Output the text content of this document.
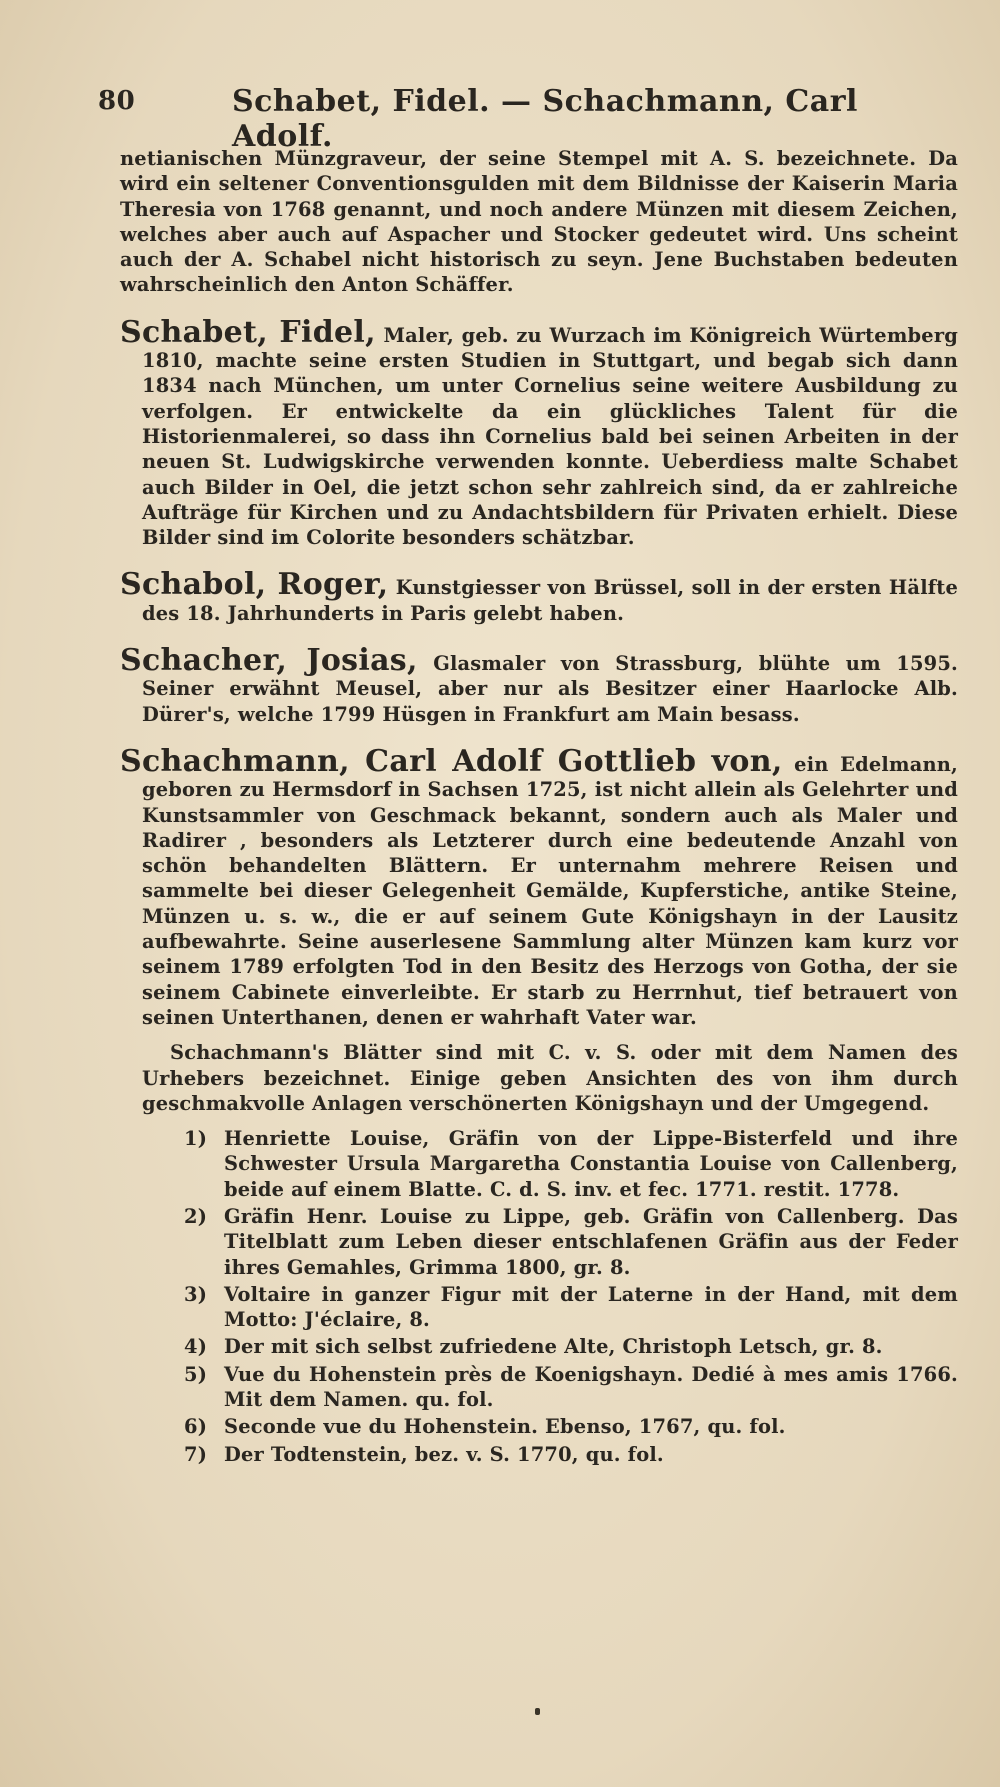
80	Schabet, Fidel. — Schachmann, Carl Adolf.

netianischen Münzgraveur, der seine Stempel mit A. S. bezeichnete. Da wird ein seltener Conventionsgulden mit dem Bildnisse der Kaiserin Maria Theresia von 1768 genannt, und noch andere Münzen mit diesem Zeichen, welches aber auch auf Aspacher und Stocker gedeutet wird. Uns scheint auch der A. Schabel nicht historisch zu seyn. Jene Buchstaben bedeuten wahrscheinlich den Anton Schäffer.

Schabet, Fidel, Maler, geb. zu Wurzach im Königreich Würtemberg 1810, machte seine ersten Studien in Stuttgart, und begab sich dann 1834 nach München, um unter Cornelius seine weitere Ausbildung zu verfolgen. Er entwickelte da ein glückliches Talent für die Historienmalerei, so dass ihn Cornelius bald bei seinen Arbeiten in der neuen St. Ludwigskirche verwenden konnte. Ueberdiess malte Schabet auch Bilder in Oel, die jetzt schon sehr zahlreich sind, da er zahlreiche Aufträge für Kirchen und zu Andachtsbildern für Privaten erhielt. Diese Bilder sind im Colorite besonders schätzbar.

Schabol, Roger, Kunstgiesser von Brüssel, soll in der ersten Hälfte des 18. Jahrhunderts in Paris gelebt haben.

Schacher, Josias, Glasmaler von Strassburg, blühte um 1595. Seiner erwähnt Meusel, aber nur als Besitzer einer Haarlocke Alb. Dürer's, welche 1799 Hüsgen in Frankfurt am Main besass.

Schachmann, Carl Adolf Gottlieb von, ein Edelmann, geboren zu Hermsdorf in Sachsen 1725, ist nicht allein als Gelehrter und Kunstsammler von Geschmack bekannt, sondern auch als Maler und Radirer , besonders als Letzterer durch eine bedeutende Anzahl von schön behandelten Blättern. Er unternahm mehrere Reisen und sammelte bei dieser Gelegenheit Gemälde, Kupferstiche, antike Steine, Münzen u. s. w., die er auf seinem Gute Königshayn in der Lausitz aufbewahrte. Seine auserlesene Sammlung alter Münzen kam kurz vor seinem 1789 erfolgten Tod in den Besitz des Herzogs von Gotha, der sie seinem Cabinete einverleibte. Er starb zu Herrnhut, tief betrauert von seinen Unterthanen, denen er wahrhaft Vater war.

Schachmann's Blätter sind mit C. v. S. oder mit dem Namen des Urhebers bezeichnet. Einige geben Ansichten des von ihm durch geschmakvolle Anlagen verschönerten Königshayn und der Umgegend.

1) Henriette Louise, Gräfin von der Lippe-Bisterfeld und ihre Schwester Ursula Margaretha Constantia Louise von Callenberg, beide auf einem Blatte. C. d. S. inv. et fec. 1771. restit. 1778.
2) Gräfin Henr. Louise zu Lippe, geb. Gräfin von Callenberg. Das Titelblatt zum Leben dieser entschlafenen Gräfin aus der Feder ihres Gemahles, Grimma 1800, gr. 8.
3) Voltaire in ganzer Figur mit der Laterne in der Hand, mit dem Motto: J'éclaire, 8.
4) Der mit sich selbst zufriedene Alte, Christoph Letsch, gr. 8.
5) Vue du Hohenstein près de Koenigshayn. Dedié à mes amis 1766. Mit dem Namen. qu. fol.
6) Seconde vue du Hohenstein. Ebenso, 1767, qu. fol.
7) Der Todtenstein, bez. v. S. 1770, qu. fol.
